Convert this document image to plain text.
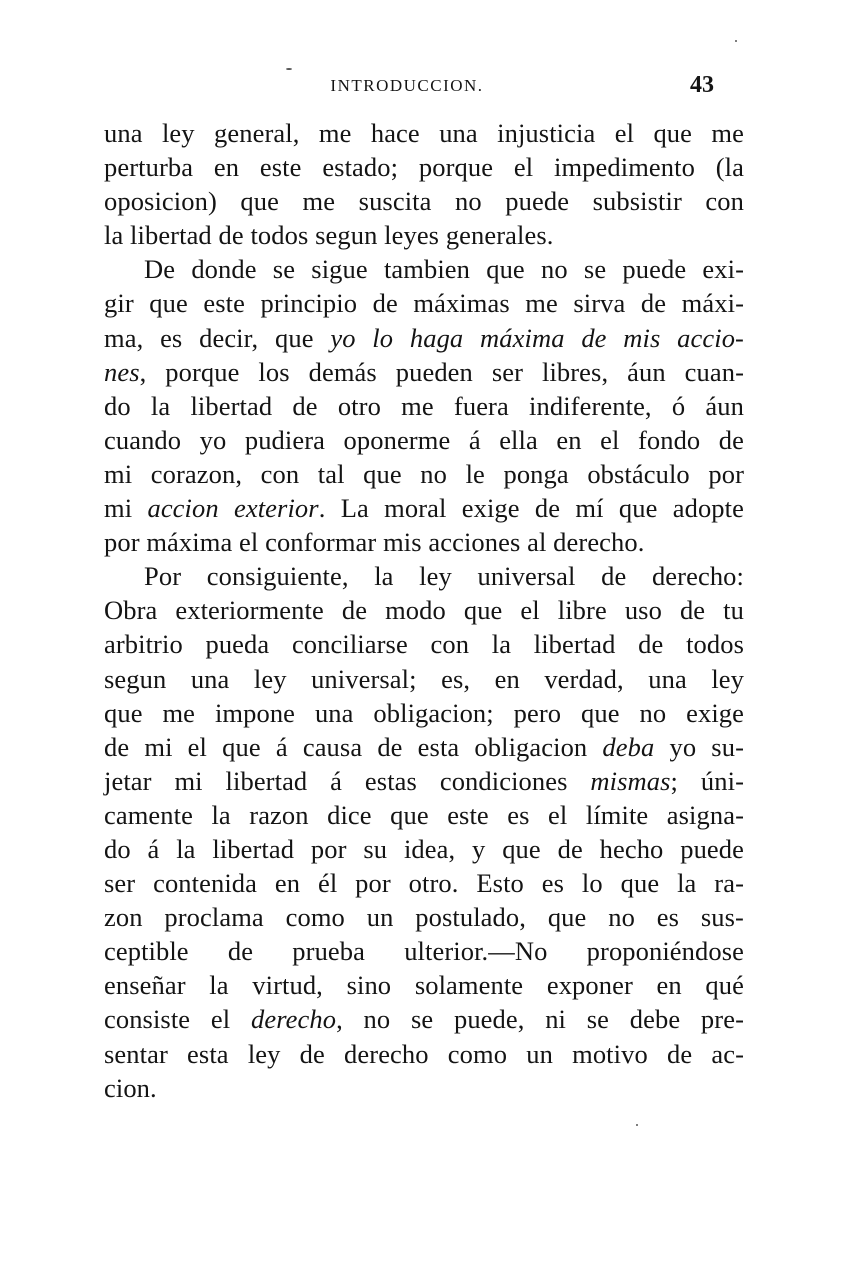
INTRODUCCION.	43
una ley general, me hace una injusticia el que me
perturba en este estado; porque el impedimento (la
oposicion) que me suscita no puede subsistir con
la libertad de todos segun leyes generales.
De donde se sigue tambien que no se puede exi-
gir que este principio de máximas me sirva de máxi-
ma, es decir, que yo lo haga máxima de mis accio-
nes, porque los demás pueden ser libres, áun cuan-
do la libertad de otro me fuera indiferente, ó áun
cuando yo pudiera oponerme á ella en el fondo de
mi corazon, con tal que no le ponga obstáculo por
mi accion exterior. La moral exige de mí que adopte
por máxima el conformar mis acciones al derecho.
Por consiguiente, la ley universal de derecho:
Obra exteriormente de modo que el libre uso de tu
arbitrio pueda conciliarse con la libertad de todos
segun una ley universal; es, en verdad, una ley
que me impone una obligacion; pero que no exige
de mi el que á causa de esta obligacion deba yo su-
jetar mi libertad á estas condiciones mismas; úni-
camente la razon dice que este es el límite asigna-
do á la libertad por su idea, y que de hecho puede
ser contenida en él por otro. Esto es lo que la ra-
zon proclama como un postulado, que no es sus-
ceptible de prueba ulterior.—No proponiéndose
enseñar la virtud, sino solamente exponer en qué
consiste el derecho, no se puede, ni se debe pre-
sentar esta ley de derecho como un motivo de ac-
cion.
